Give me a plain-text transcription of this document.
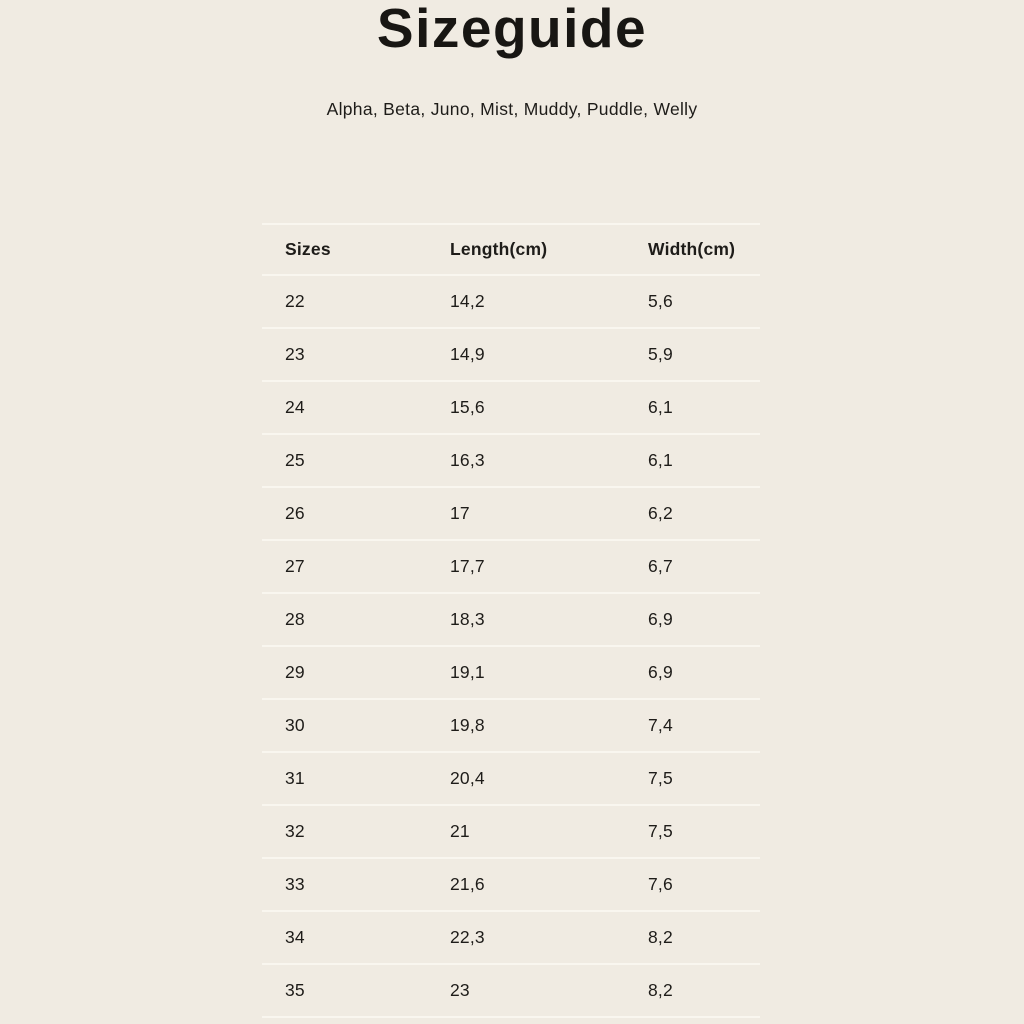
Sizeguide

Alpha, Beta, Juno, Mist, Muddy, Puddle, Welly

Sizes	Length(cm)	Width(cm)
22	14,2	5,6
23	14,9	5,9
24	15,6	6,1
25	16,3	6,1
26	17	6,2
27	17,7	6,7
28	18,3	6,9
29	19,1	6,9
30	19,8	7,4
31	20,4	7,5
32	21	7,5
33	21,6	7,6
34	22,3	8,2
35	23	8,2
